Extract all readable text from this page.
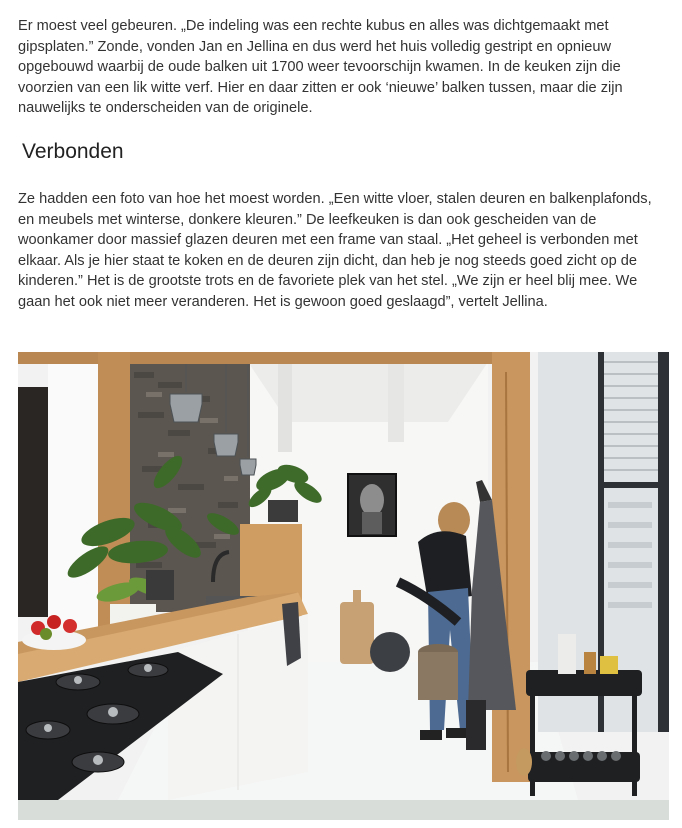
Er moest veel gebeuren. „De indeling was een rechte kubus en alles was dichtgemaakt met gipsplaten.” Zonde, vonden Jan en Jellina en dus werd het huis volledig gestript en opnieuw opgebouwd waarbij de oude balken uit 1700 weer tevoorschijn kwamen. In de keuken zijn die voorzien van een lik witte verf. Hier en daar zitten er ook ‘nieuwe’ balken tussen, maar die zijn nauwelijks te onderscheiden van de originele.

Verbonden

Ze hadden een foto van hoe het moest worden. „Een witte vloer, stalen deuren en balkenplafonds, en meubels met winterse, donkere kleuren.” De leefkeuken is dan ook gescheiden van de woonkamer door massief glazen deuren met een frame van staal. „Het geheel is verbonden met elkaar. Als je hier staat te koken en de deuren zijn dicht, dan heb je nog steeds goed zicht op de kinderen.” Het is de grootste trots en de favoriete plek van het stel. „We zijn er heel blij mee. We gaan het ook niet meer veranderen. Het is gewoon goed geslaagd”, vertelt Jellina.
